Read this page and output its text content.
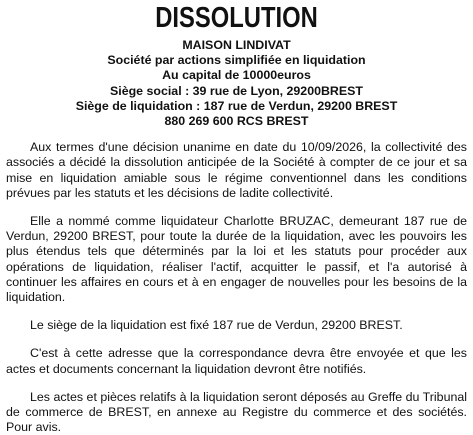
DISSOLUTION
MAISON LINDIVAT
Société par actions simplifiée en liquidation
Au capital de 10000euros
Siège social : 39 rue de Lyon, 29200BREST
Siège de liquidation : 187 rue de Verdun, 29200 BREST
880 269 600 RCS BREST

Aux termes d'une décision unanime en date du 10/09/2026, la collectivité des associés a décidé la dissolution anticipée de la Société à compter de ce jour et sa mise en liquidation amiable sous le régime conventionnel dans les conditions prévues par les statuts et les décisions de ladite collectivité.

Elle a nommé comme liquidateur Charlotte BRUZAC, demeurant 187 rue de Verdun, 29200 BREST, pour toute la durée de la liquidation, avec les pouvoirs les plus étendus tels que déterminés par la loi et les statuts pour procéder aux opérations de liquidation, réaliser l'actif, acquitter le passif, et l'a autorisé à continuer les affaires en cours et à en engager de nouvelles pour les besoins de la liquidation.

Le siège de la liquidation est fixé 187 rue de Verdun, 29200 BREST.

C'est à cette adresse que la correspondance devra être envoyée et que les actes et documents concernant la liquidation devront être notifiés.

Les actes et pièces relatifs à la liquidation seront déposés au Greffe du Tribunal de commerce de BREST, en annexe au Registre du commerce et des sociétés. Pour avis.
